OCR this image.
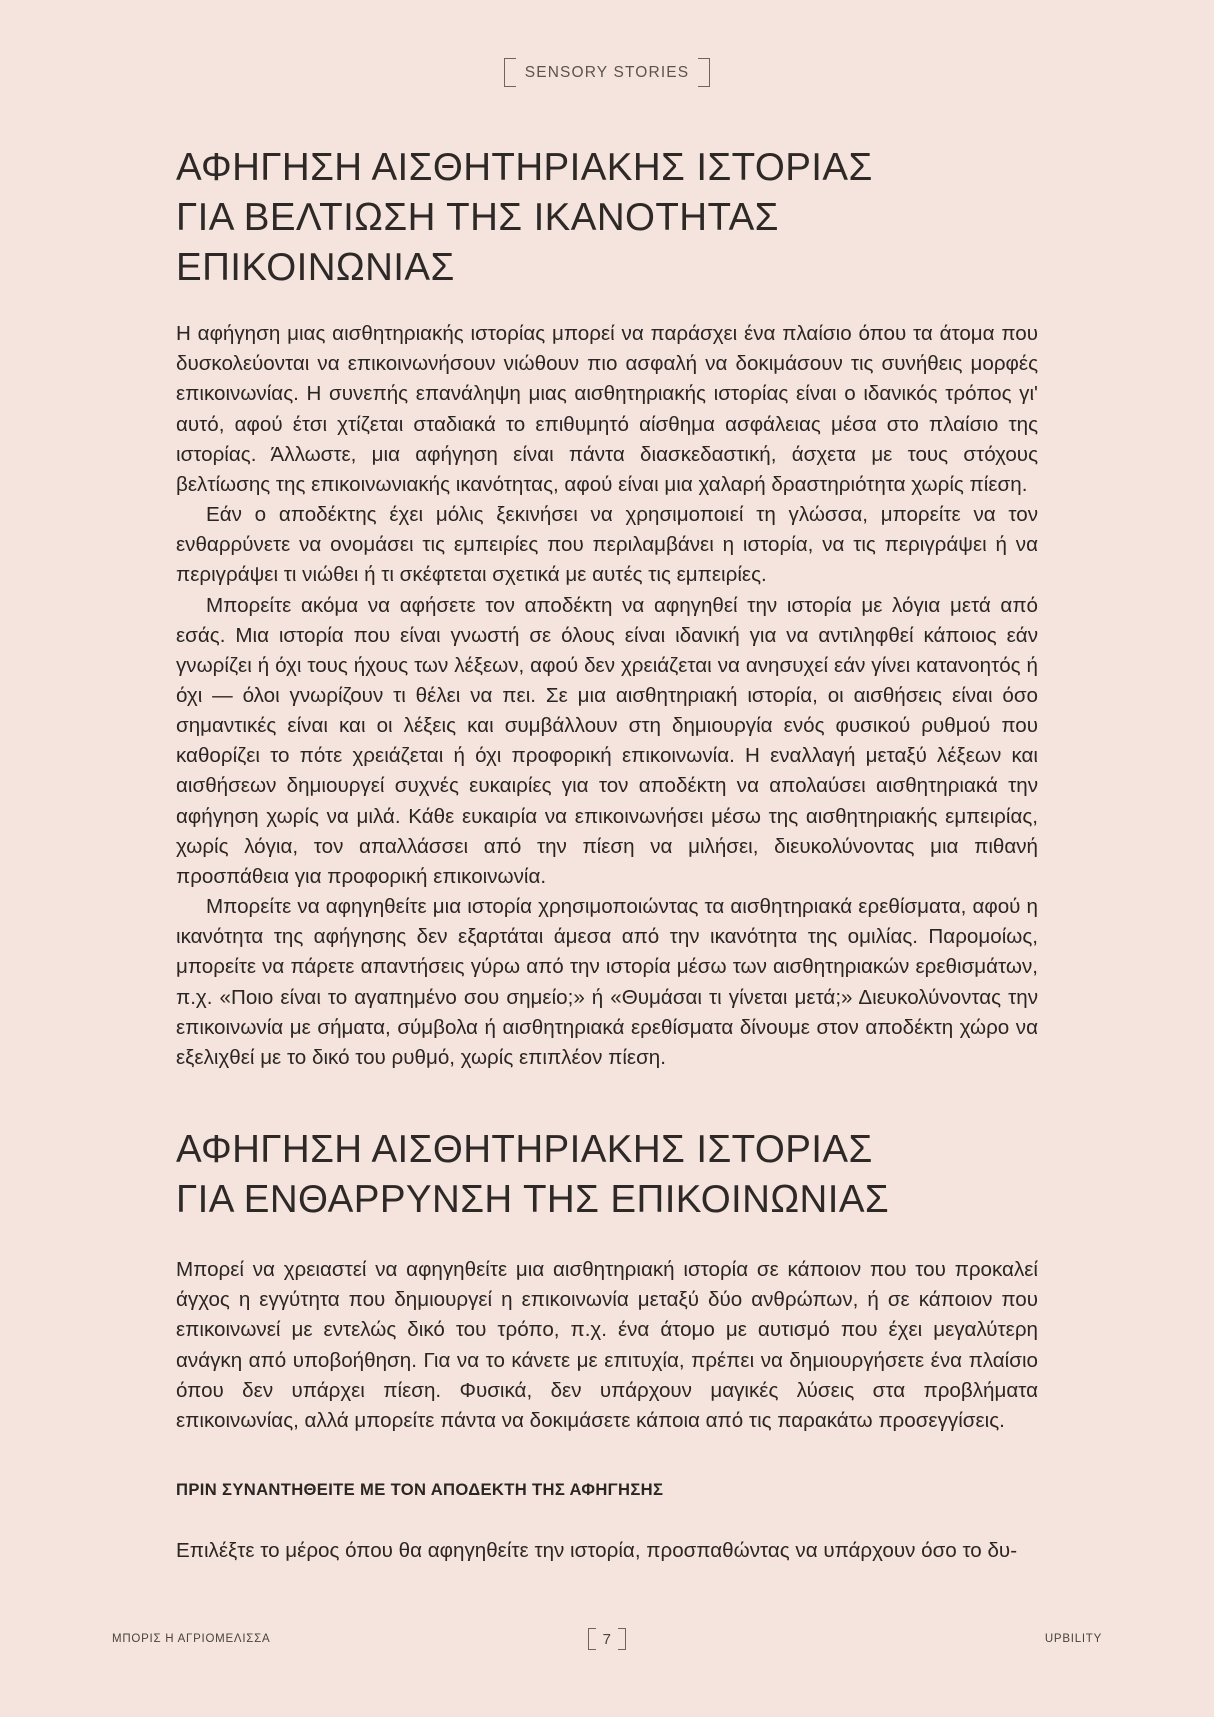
SENSORY STORIES
ΑΦΗΓΗΣΗ ΑΙΣΘΗΤΗΡΙΑΚΗΣ ΙΣΤΟΡΙΑΣ
ΓΙΑ ΒΕΛΤΙΩΣΗ ΤΗΣ ΙΚΑΝΟΤΗΤΑΣ ΕΠΙΚΟΙΝΩΝΙΑΣ

Η αφήγηση μιας αισθητηριακής ιστορίας μπορεί να παράσχει ένα πλαίσιο όπου τα άτομα που δυσκολεύονται να επικοινωνήσουν νιώθουν πιο ασφαλή να δοκιμάσουν τις συνήθεις μορφές επικοινωνίας. Η συνεπής επανάληψη μιας αισθητηριακής ιστορίας είναι ο ιδανικός τρόπος γι' αυτό, αφού έτσι χτίζεται σταδιακά το επιθυμητό αίσθημα ασφάλειας μέσα στο πλαίσιο της ιστορίας. Άλλωστε, μια αφήγηση είναι πάντα διασκεδαστική, άσχετα με τους στόχους βελτίωσης της επικοινωνιακής ικανότητας, αφού είναι μια χαλαρή δραστηριότητα χωρίς πίεση.

Εάν ο αποδέκτης έχει μόλις ξεκινήσει να χρησιμοποιεί τη γλώσσα, μπορείτε να τον ενθαρρύνετε να ονομάσει τις εμπειρίες που περιλαμβάνει η ιστορία, να τις περιγράψει ή να περιγράψει τι νιώθει ή τι σκέφτεται σχετικά με αυτές τις εμπειρίες.

Μπορείτε ακόμα να αφήσετε τον αποδέκτη να αφηγηθεί την ιστορία με λόγια μετά από εσάς. Μια ιστορία που είναι γνωστή σε όλους είναι ιδανική για να αντιληφθεί κάποιος εάν γνωρίζει ή όχι τους ήχους των λέξεων, αφού δεν χρειάζεται να ανησυχεί εάν γίνει κατανοητός ή όχι — όλοι γνωρίζουν τι θέλει να πει. Σε μια αισθητηριακή ιστορία, οι αισθήσεις είναι όσο σημαντικές είναι και οι λέξεις και συμβάλλουν στη δημιουργία ενός φυσικού ρυθμού που καθορίζει το πότε χρειάζεται ή όχι προφορική επικοινωνία. Η εναλλαγή μεταξύ λέξεων και αισθήσεων δημιουργεί συχνές ευκαιρίες για τον αποδέκτη να απολαύσει αισθητηριακά την αφήγηση χωρίς να μιλά. Κάθε ευκαιρία να επικοινωνήσει μέσω της αισθητηριακής εμπειρίας, χωρίς λόγια, τον απαλλάσσει από την πίεση να μιλήσει, διευκολύνοντας μια πιθανή προσπάθεια για προφορική επικοινωνία.

Μπορείτε να αφηγηθείτε μια ιστορία χρησιμοποιώντας τα αισθητηριακά ερεθίσματα, αφού η ικανότητα της αφήγησης δεν εξαρτάται άμεσα από την ικανότητα της ομιλίας. Παρομοίως, μπορείτε να πάρετε απαντήσεις γύρω από την ιστορία μέσω των αισθητηριακών ερεθισμάτων, π.χ. «Ποιο είναι το αγαπημένο σου σημείο;» ή «Θυμάσαι τι γίνεται μετά;» Διευκολύνοντας την επικοινωνία με σήματα, σύμβολα ή αισθητηριακά ερεθίσματα δίνουμε στον αποδέκτη χώρο να εξελιχθεί με το δικό του ρυθμό, χωρίς επιπλέον πίεση.

ΑΦΗΓΗΣΗ ΑΙΣΘΗΤΗΡΙΑΚΗΣ ΙΣΤΟΡΙΑΣ
ΓΙΑ ΕΝΘΑΡΡΥΝΣΗ ΤΗΣ ΕΠΙΚΟΙΝΩΝΙΑΣ

Μπορεί να χρειαστεί να αφηγηθείτε μια αισθητηριακή ιστορία σε κάποιον που του προκαλεί άγχος η εγγύτητα που δημιουργεί η επικοινωνία μεταξύ δύο ανθρώπων, ή σε κάποιον που επικοινωνεί με εντελώς δικό του τρόπο, π.χ. ένα άτομο με αυτισμό που έχει μεγαλύτερη ανάγκη από υποβοήθηση. Για να το κάνετε με επιτυχία, πρέπει να δημιουργήσετε ένα πλαίσιο όπου δεν υπάρχει πίεση. Φυσικά, δεν υπάρχουν μαγικές λύσεις στα προβλήματα επικοινωνίας, αλλά μπορείτε πάντα να δοκιμάσετε κάποια από τις παρακάτω προσεγγίσεις.

ΠΡΙΝ ΣΥΝΑΝΤΗΘΕΙΤΕ ΜΕ ΤΟΝ ΑΠΟΔΕΚΤΗ ΤΗΣ ΑΦΗΓΗΣΗΣ

Επιλέξτε το μέρος όπου θα αφηγηθείτε την ιστορία, προσπαθώντας να υπάρχουν όσο το δυ-

ΜΠΟΡΙΣ Η ΑΓΡΙΟΜΕΛΙΣΣΑ	7	UPBILITY
